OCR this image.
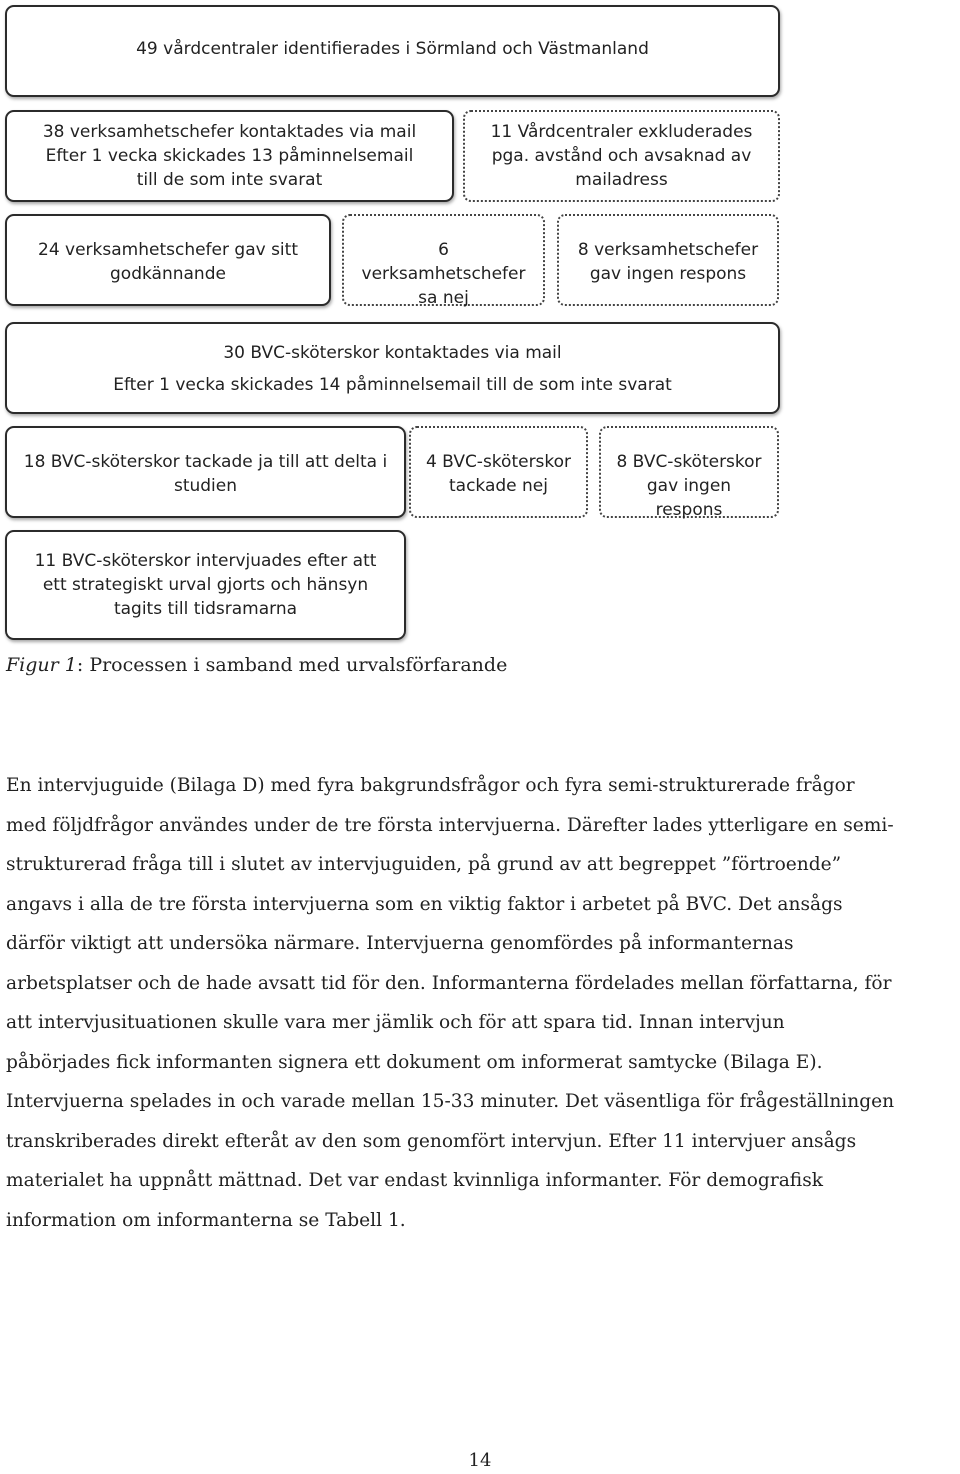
49 vårdcentraler identifierades i Sörmland och Västmanland
38 verksamhetschefer kontaktades via mail
Efter 1 vecka skickades 13 påminnelsemail
till de som inte svarat
11 Vårdcentraler exkluderades
pga. avstånd och avsaknad av
mailadress
24 verksamhetschefer gav sitt
godkännande
6 verksamhetschefer
sa nej
8 verksamhetschefer
gav ingen respons
30 BVC-sköterskor kontaktades via mail
Efter 1 vecka skickades 14 påminnelsemail till de som inte svarat
18 BVC-sköterskor tackade ja till att delta i
studien
4 BVC-sköterskor
tackade nej
8 BVC-sköterskor
gav ingen respons
11 BVC-sköterskor intervjuades efter att
ett strategiskt urval gjorts och hänsyn
tagits till tidsramarna
Figur 1: Processen i samband med urvalsförfarande
En intervjuguide (Bilaga D) med fyra bakgrundsfrågor och fyra semi-strukturerade frågor
med följdfrågor användes under de tre första intervjuerna. Därefter lades ytterligare en semi-
strukturerad fråga till i slutet av intervjuguiden, på grund av att begreppet ”förtroende”
angavs i alla de tre första intervjuerna som en viktig faktor i arbetet på BVC. Det ansågs
därför viktigt att undersöka närmare. Intervjuerna genomfördes på informanternas
arbetsplatser och de hade avsatt tid för den. Informanterna fördelades mellan författarna, för
att intervjusituationen skulle vara mer jämlik och för att spara tid. Innan intervjun
påbörjades fick informanten signera ett dokument om informerat samtycke (Bilaga E).
Intervjuerna spelades in och varade mellan 15-33 minuter. Det väsentliga för frågeställningen
transkriberades direkt efteråt av den som genomfört intervjun. Efter 11 intervjuer ansågs
materialet ha uppnått mättnad. Det var endast kvinnliga informanter. För demografisk
information om informanterna se Tabell 1.
14
